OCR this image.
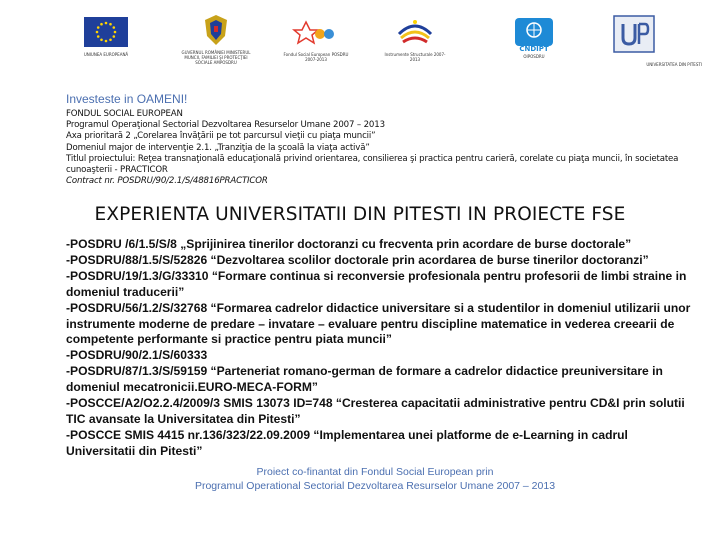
UNIUNEA EUROPEANĂ	GUVERNUL ROMÂNIEI MINISTERUL MUNCII, FAMILIEI ŞI PROTECŢIEI SOCIALE AMPOSDRU
Fondul Social European POSDRU 2007-2013
Instrumente Structurale 2007-2013
CNDIPT
OIPOSDRU
UNIVERSITATEA DIN PITESTI
Investeste in OAMENI!
FONDUL SOCIAL EUROPEAN
Programul Operaţional Sectorial Dezvoltarea Resurselor Umane 2007 – 2013
Axa prioritară 2 „Corelarea învăţării pe tot parcursul vieţii cu piaţa muncii”
Domeniul major de intervenţie 2.1. „Tranziţia de la şcoală la viaţa activă”
Titlul proiectului: Reţea transnaţională educaţională privind orientarea, consilierea şi practica pentru carieră, corelate cu piaţa muncii, în societatea cunoaşterii - PRACTICOR
Contract nr. POSDRU/90/2.1/S/48816PRACTICOR
EXPERIENTA UNIVERSITATII DIN PITESTI IN PROIECTE FSE
-POSDRU /6/1.5/S/8 „Sprijinirea tinerilor doctoranzi cu frecventa prin acordare de burse doctorale”
-POSDRU/88/1.5/S/52826 “Dezvoltarea scolilor doctorale prin acordarea de burse tinerilor doctoranzi”
-POSDRU/19/1.3/G/33310 “Formare continua si reconversie profesionala pentru profesorii de limbi straine in domeniul traducerii”
-POSDRU/56/1.2/S/32768 “Formarea cadrelor didactice universitare si a studentilor in domeniul utilizarii unor instrumente moderne de predare – invatare – evaluare pentru discipline matematice in vederea creearii de competente performante si practice pentru piata muncii”
-POSDRU/90/2.1/S/60333
-POSDRU/87/1.3/S/59159 “Parteneriat romano-german de formare a cadrelor didactice preuniversitare in domeniul mecatronicii.EURO-MECA-FORM”
-POSCCE/A2/O2.2.4/2009/3 SMIS 13073 ID=748 “Cresterea capacitatii administrative pentru CD&I prin solutii TIC avansate la Universitatea din Pitesti”
-POSCCE SMIS 4415 nr.136/323/22.09.2009 “Implementarea unei platforme de e-Learning in cadrul Universitatii din Pitesti”
Proiect co-finantat din Fondul Social European prin
Programul Operational Sectorial Dezvoltarea Resurselor Umane 2007 – 2013
